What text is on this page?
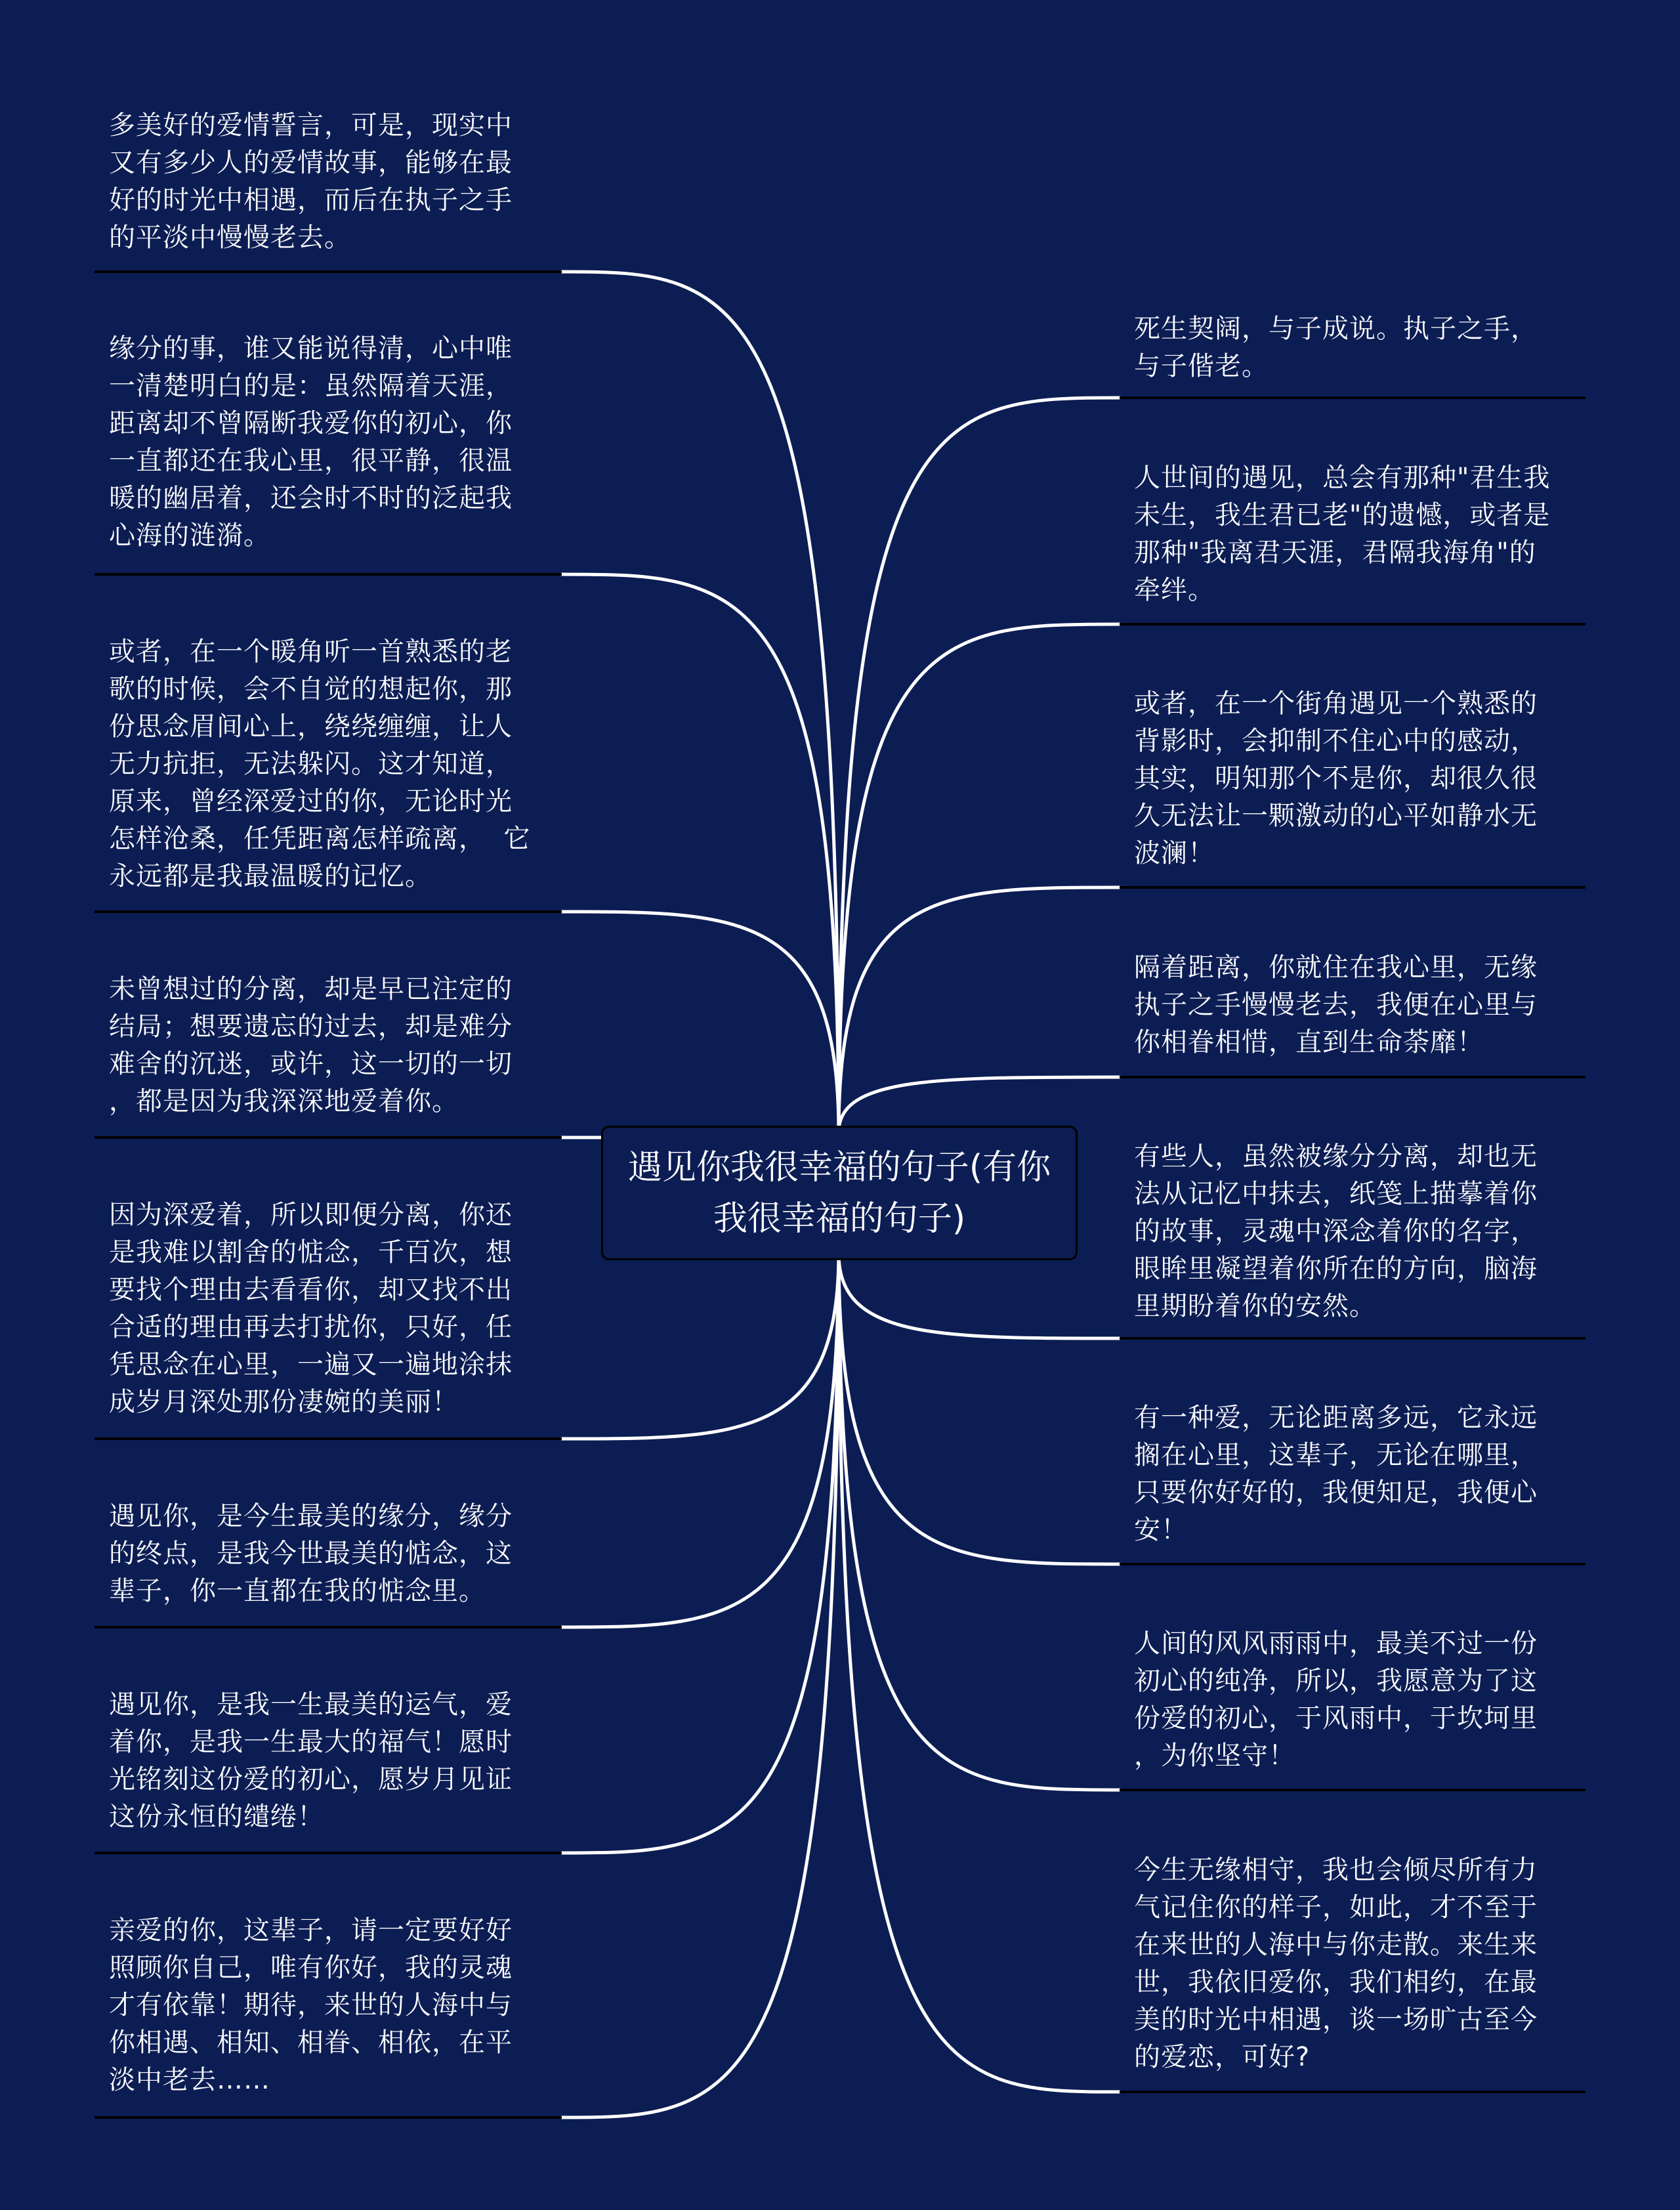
遇见你我很幸福的句子(有你我很幸福的句子)
多美好的爱情誓言，可是，现实中
又有多少人的爱情故事，能够在最
好的时光中相遇，而后在执子之手
的平淡中慢慢老去。
缘分的事，谁又能说得清，心中唯
一清楚明白的是：虽然隔着天涯，
距离却不曾隔断我爱你的初心，你
一直都还在我心里，很平静，很温
暖的幽居着，还会时不时的泛起我
心海的涟漪。
或者，在一个暖角听一首熟悉的老
歌的时候，会不自觉的想起你，那
份思念眉间心上，绕绕缠缠，让人
无力抗拒，无法躲闪。这才知道，
原来，曾经深爱过的你，无论时光
怎样沧桑，任凭距离怎样疏离，  它
永远都是我最温暖的记忆。
未曾想过的分离，却是早已注定的
结局；想要遗忘的过去，却是难分
难舍的沉迷，或许，这一切的一切
，都是因为我深深地爱着你。
因为深爱着，所以即便分离，你还
是我难以割舍的惦念，千百次，想
要找个理由去看看你，却又找不出
合适的理由再去打扰你，只好，任
凭思念在心里，一遍又一遍地涂抹
成岁月深处那份凄婉的美丽！
遇见你，是今生最美的缘分，缘分
的终点，是我今世最美的惦念，这
辈子，你一直都在我的惦念里。
遇见你，是我一生最美的运气，爱
着你，是我一生最大的福气！愿时
光铭刻这份爱的初心，愿岁月见证
这份永恒的缱绻！
亲爱的你，这辈子，请一定要好好
照顾你自己，唯有你好，我的灵魂
才有依靠！期待，来世的人海中与
你相遇、相知、相眷、相依，在平
淡中老去……
死生契阔，与子成说。执子之手，
与子偕老。
人世间的遇见，总会有那种"君生我
未生，我生君已老"的遗憾，或者是
那种"我离君天涯，君隔我海角"的
牵绊。
或者，在一个街角遇见一个熟悉的
背影时，会抑制不住心中的感动，
其实，明知那个不是你，却很久很
久无法让一颗激动的心平如静水无
波澜！
隔着距离，你就住在我心里，无缘
执子之手慢慢老去，我便在心里与
你相眷相惜，直到生命荼靡！
有些人，虽然被缘分分离，却也无
法从记忆中抹去，纸笺上描摹着你
的故事，灵魂中深念着你的名字，
眼眸里凝望着你所在的方向，脑海
里期盼着你的安然。
有一种爱，无论距离多远，它永远
搁在心里，这辈子，无论在哪里，
只要你好好的，我便知足，我便心
安！
人间的风风雨雨中，最美不过一份
初心的纯净，所以，我愿意为了这
份爱的初心，于风雨中，于坎坷里
，为你坚守！
今生无缘相守，我也会倾尽所有力
气记住你的样子，如此，才不至于
在来世的人海中与你走散。来生来
世，我依旧爱你，我们相约，在最
美的时光中相遇，谈一场旷古至今
的爱恋，可好?
